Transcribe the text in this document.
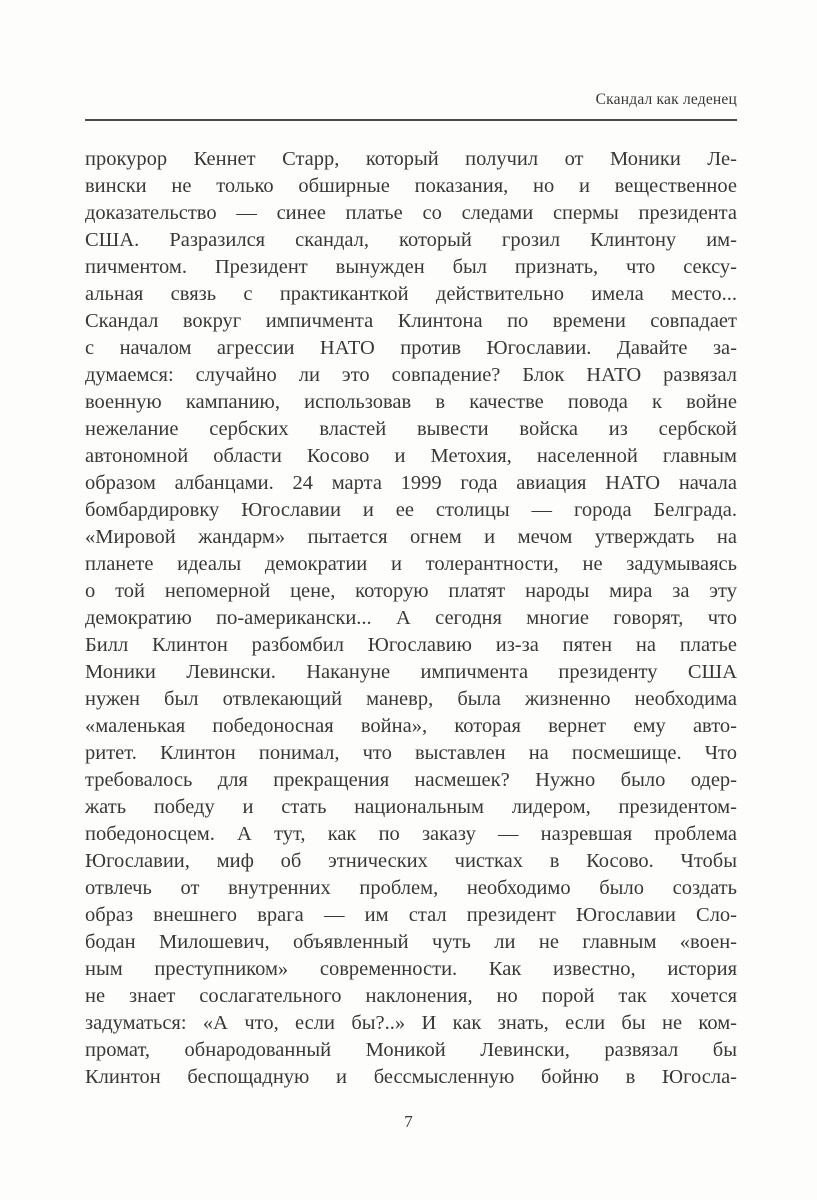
Скандал как леденец
прокурор Кеннет Старр, который получил от Моники Ле-
вински не только обширные показания, но и вещественное
доказательство — синее платье со следами спермы президента
США. Разразился скандал, который грозил Клинтону им-
пичментом. Президент вынужден был признать, что сексу-
альная связь с практиканткой действительно имела место...
Скандал вокруг импичмента Клинтона по времени совпадает
с началом агрессии НАТО против Югославии. Давайте за-
думаемся: случайно ли это совпадение? Блок НАТО развязал
военную кампанию, использовав в качестве повода к войне
нежелание сербских властей вывести войска из сербской
автономной области Косово и Метохия, населенной главным
образом албанцами. 24 марта 1999 года авиация НАТО начала
бомбардировку Югославии и ее столицы — города Белграда.
«Мировой жандарм» пытается огнем и мечом утверждать на
планете идеалы демократии и толерантности, не задумываясь
о той непомерной цене, которую платят народы мира за эту
демократию по-американски... А сегодня многие говорят, что
Билл Клинтон разбомбил Югославию из-за пятен на платье
Моники Левински. Накануне импичмента президенту США
нужен был отвлекающий маневр, была жизненно необходима
«маленькая победоносная война», которая вернет ему авто-
ритет. Клинтон понимал, что выставлен на посмешище. Что
требовалось для прекращения насмешек? Нужно было одер-
жать победу и стать национальным лидером, президентом-
победоносцем. А тут, как по заказу — назревшая проблема
Югославии, миф об этнических чистках в Косово. Чтобы
отвлечь от внутренних проблем, необходимо было создать
образ внешнего врага — им стал президент Югославии Сло-
бодан Милошевич, объявленный чуть ли не главным «воен-
ным преступником» современности. Как известно, история
не знает сослагательного наклонения, но порой так хочется
задуматься: «А что, если бы?..» И как знать, если бы не ком-
промат, обнародованный Моникой Левински, развязал бы
Клинтон беспощадную и бессмысленную бойню в Югосла-
7
